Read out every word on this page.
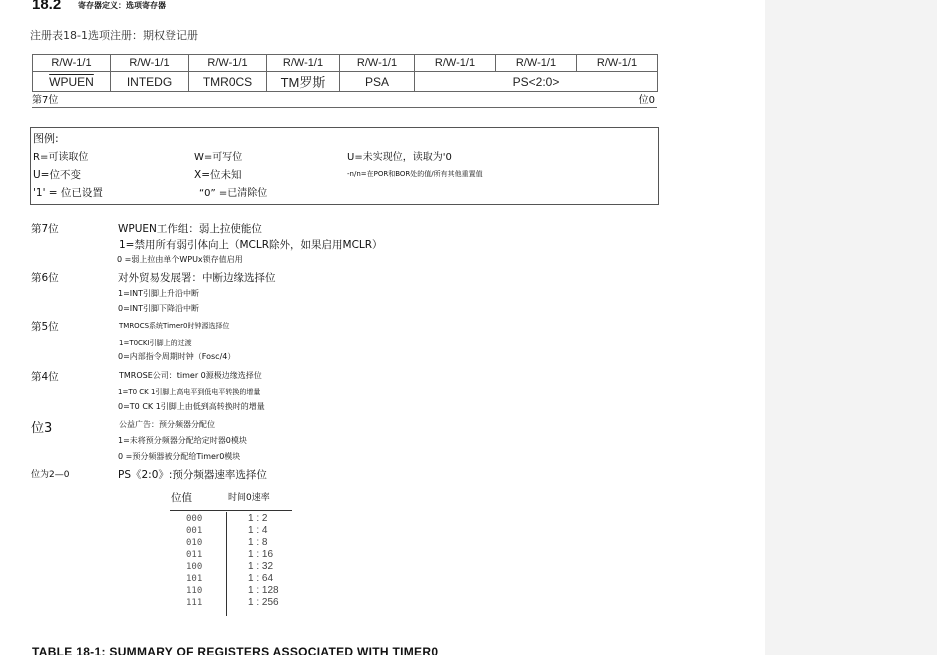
18.2 寄存器定义：选项寄存器
注册表18-1选项注册：期权登记册
R/W-1/1	R/W-1/1	R/W-1/1	R/W-1/1	R/W-1/1	R/W-1/1	R/W-1/1	R/W-1/1
WPUEN	INTEDG	TMR0CS	TM罗斯	PSA	PS<2:0>		
第7位	位0
图例:
R=可读取位	W=可写位	U=未实现位，读取为'0
U=位不变	X=位未知	-n/n=在POR和BOR处的值/所有其他重置值
'1' = 位已设置	“0” =已清除位
第7位	WPUEN工作组：弱上拉使能位
1=禁用所有弱引体向上（MCLR除外，如果启用MCLR）
0 =弱上拉由单个WPUx锁存值启用
第6位	对外贸易发展署：中断边缘选择位
1=INT引脚上升沿中断
0=INT引脚下降沿中断
第5位	TMROCS系统Timer0时钟源选择位
1=T0CKI引脚上的过渡
0=内部指令周期时钟（Fosc/4）
第4位	TMROSE公司：timer 0源极边缘选择位
1=T0 CK 1引脚上高电平到低电平转换的增量
0=T0 CK 1引脚上由低到高转换时的增量
位3	公益广告：预分频器分配位
1=未将预分频器分配给定时器0模块
0 =预分频器被分配给Timer0模块
位为2—0	PS《2:0》:预分频器速率选择位
位值	时间0速率
000	1 : 2
001	1 : 4
010	1 : 8
011	1 : 16
100	1 : 32
101	1 : 64
110	1 : 128
111	1 : 256
TABLE 18-1: SUMMARY OF REGISTERS ASSOCIATED WITH TIMER0
